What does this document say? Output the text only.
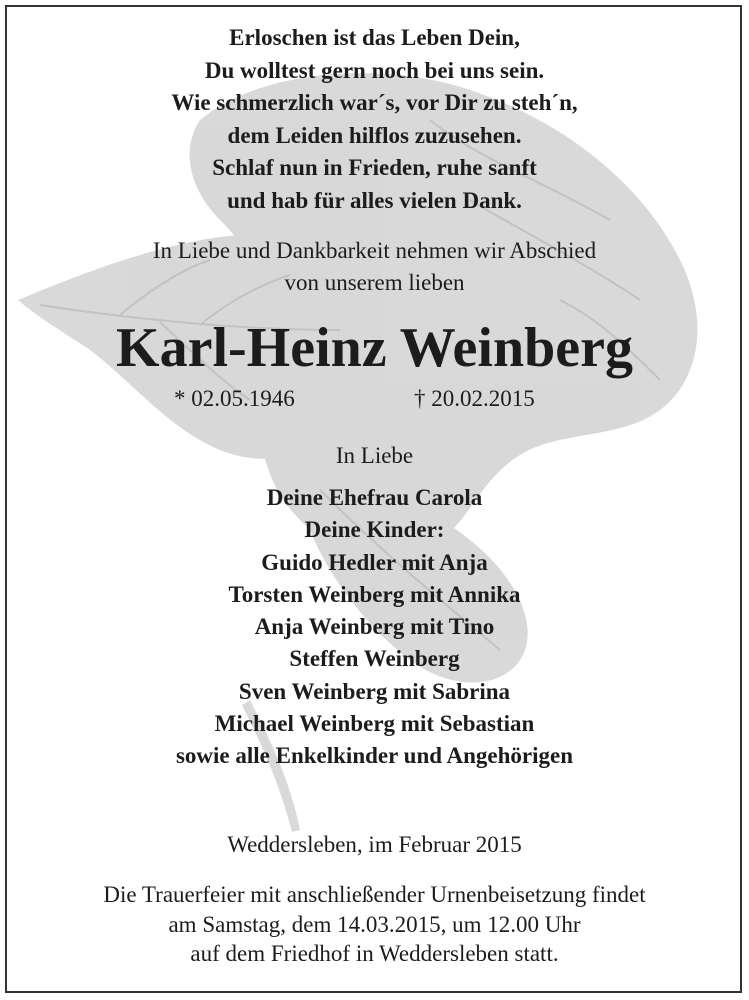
Erloschen ist das Leben Dein,
Du wolltest gern noch bei uns sein.
Wie schmerzlich war´s, vor Dir zu steh´n,
dem Leiden hilflos zuzusehen.
Schlaf nun in Frieden, ruhe sanft
und hab für alles vielen Dank.
In Liebe und Dankbarkeit nehmen wir Abschied
von unserem lieben
Karl-Heinz Weinberg
* 02.05.1946	† 20.02.2015
In Liebe
Deine Ehefrau Carola
Deine Kinder:
Guido Hedler mit Anja
Torsten Weinberg mit Annika
Anja Weinberg mit Tino
Steffen Weinberg
Sven Weinberg mit Sabrina
Michael Weinberg mit Sebastian
sowie alle Enkelkinder und Angehörigen
Weddersleben, im Februar 2015
Die Trauerfeier mit anschließender Urnenbeisetzung findet
am Samstag, dem 14.03.2015, um 12.00 Uhr
auf dem Friedhof in Weddersleben statt.
